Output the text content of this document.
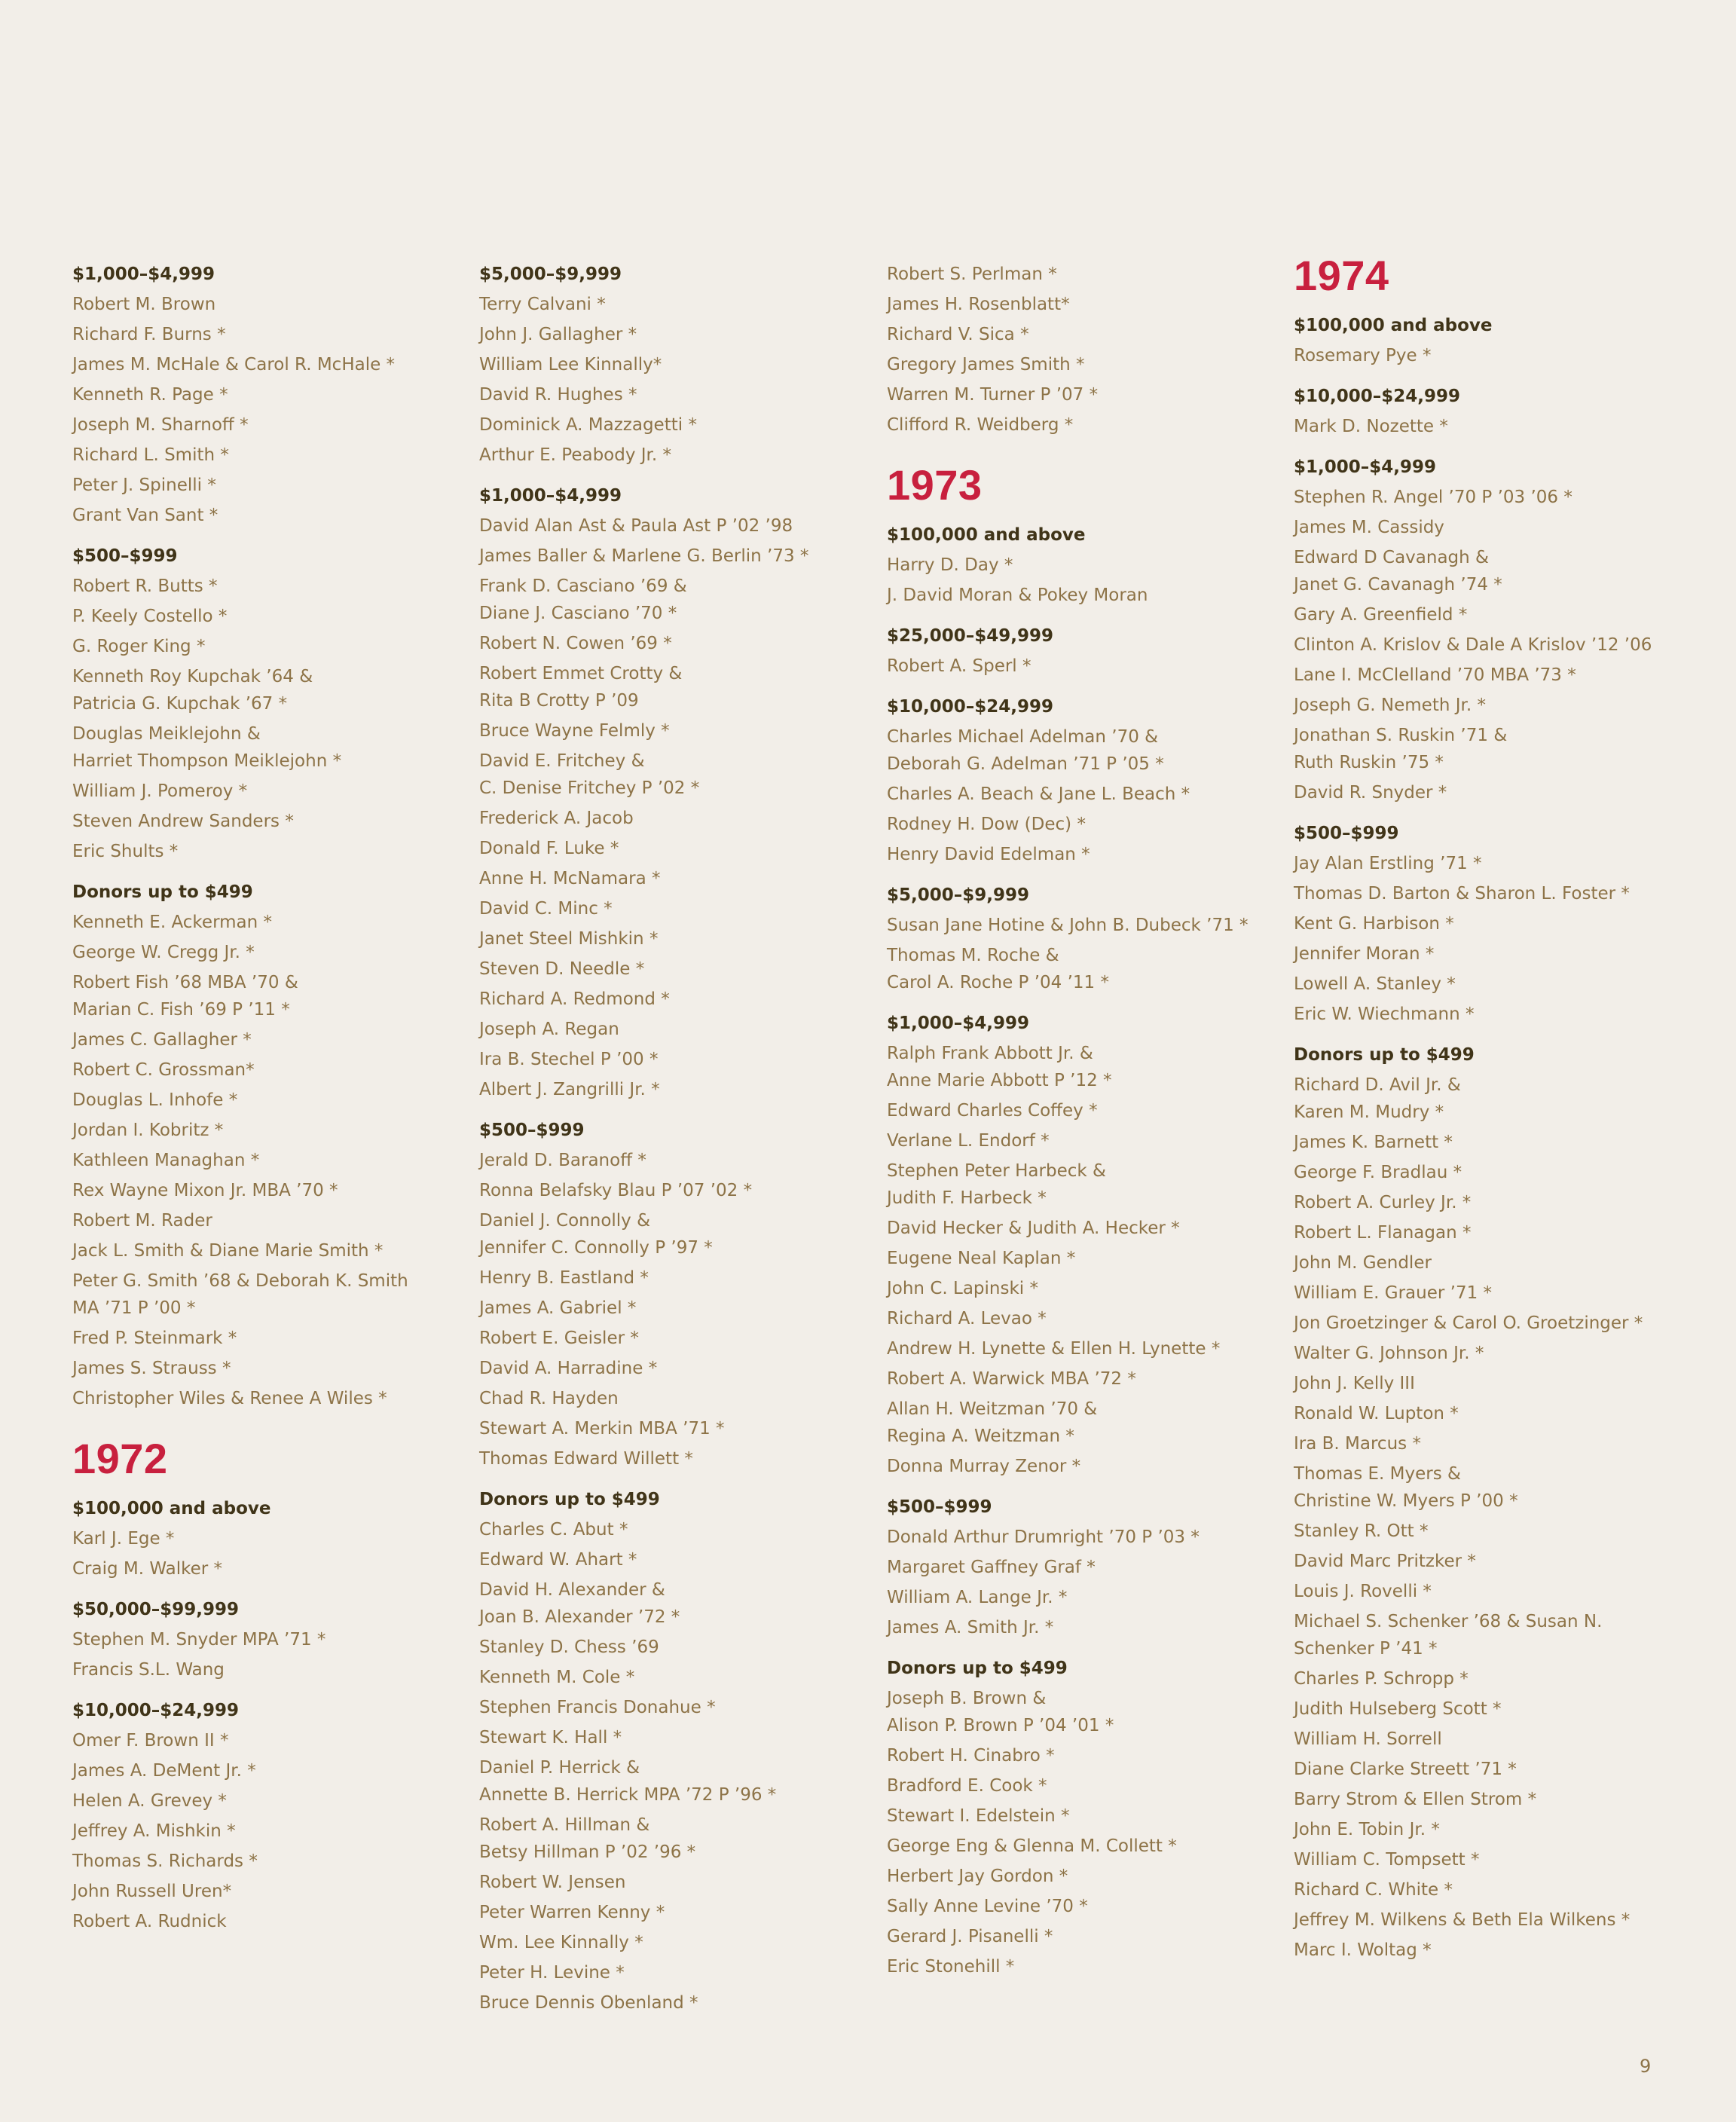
$1,000–$4,999
Robert M. Brown
Richard F. Burns *
James M. McHale & Carol R. McHale *
Kenneth R. Page *
Joseph M. Sharnoff *
Richard L. Smith *
Peter J. Spinelli *
Grant Van Sant *
$500–$999
Robert R. Butts *
P. Keely Costello *
G. Roger King *
Kenneth Roy Kupchak ’64 &
Patricia G. Kupchak ’67 *
Douglas Meiklejohn &
Harriet Thompson Meiklejohn *
William J. Pomeroy *
Steven Andrew Sanders *
Eric Shults *
Donors up to $499
Kenneth E. Ackerman *
George W. Cregg Jr. *
Robert Fish ’68 MBA ’70 &
Marian C. Fish ’69 P ’11 *
James C. Gallagher *
Robert C. Grossman*
Douglas L. Inhofe *
Jordan I. Kobritz *
Kathleen Managhan *
Rex Wayne Mixon Jr. MBA ’70 *
Robert M. Rader
Jack L. Smith & Diane Marie Smith *
Peter G. Smith ’68 & Deborah K. Smith
MA ’71 P ’00 *
Fred P. Steinmark *
James S. Strauss *
Christopher Wiles & Renee A Wiles *
1972
$100,000 and above
Karl J. Ege *
Craig M. Walker *
$50,000–$99,999
Stephen M. Snyder MPA ’71 *
Francis S.L. Wang
$10,000–$24,999
Omer F. Brown II *
James A. DeMent Jr. *
Helen A. Grevey *
Jeffrey A. Mishkin *
Thomas S. Richards *
John Russell Uren*
Robert A. Rudnick
$5,000–$9,999
Terry Calvani *
John J. Gallagher *
William Lee Kinnally*
David R. Hughes *
Dominick A. Mazzagetti *
Arthur E. Peabody Jr. *
$1,000–$4,999
David Alan Ast & Paula Ast P ’02 ’98
James Baller & Marlene G. Berlin ’73 *
Frank D. Casciano ’69 &
Diane J. Casciano ’70 *
Robert N. Cowen ’69 *
Robert Emmet Crotty &
Rita B Crotty P ’09
Bruce Wayne Felmly *
David E. Fritchey &
C. Denise Fritchey P ’02 *
Frederick A. Jacob
Donald F. Luke *
Anne H. McNamara *
David C. Minc *
Janet Steel Mishkin *
Steven D. Needle *
Richard A. Redmond *
Joseph A. Regan
Ira B. Stechel P ’00 *
Albert J. Zangrilli Jr. *
$500–$999
Jerald D. Baranoff *
Ronna Belafsky Blau P ’07 ’02 *
Daniel J. Connolly &
Jennifer C. Connolly P ’97 *
Henry B. Eastland *
James A. Gabriel *
Robert E. Geisler *
David A. Harradine *
Chad R. Hayden
Stewart A. Merkin MBA ’71 *
Thomas Edward Willett *
Donors up to $499
Charles C. Abut *
Edward W. Ahart *
David H. Alexander &
Joan B. Alexander ’72 *
Stanley D. Chess ’69
Kenneth M. Cole *
Stephen Francis Donahue *
Stewart K. Hall *
Daniel P. Herrick &
Annette B. Herrick MPA ’72 P ’96 *
Robert A. Hillman &
Betsy Hillman P ’02 ’96 *
Robert W. Jensen
Peter Warren Kenny *
Wm. Lee Kinnally *
Peter H. Levine *
Bruce Dennis Obenland *
Robert S. Perlman *
James H. Rosenblatt*
Richard V. Sica *
Gregory James Smith *
Warren M. Turner P ’07 *
Clifford R. Weidberg *
1973
$100,000 and above
Harry D. Day *
J. David Moran & Pokey Moran
$25,000–$49,999
Robert A. Sperl *
$10,000–$24,999
Charles Michael Adelman ’70 &
Deborah G. Adelman ’71 P ’05 *
Charles A. Beach & Jane L. Beach *
Rodney H. Dow (Dec) *
Henry David Edelman *
$5,000–$9,999
Susan Jane Hotine & John B. Dubeck ’71 *
Thomas M. Roche &
Carol A. Roche P ’04 ’11 *
$1,000–$4,999
Ralph Frank Abbott Jr. &
Anne Marie Abbott P ’12 *
Edward Charles Coffey *
Verlane L. Endorf *
Stephen Peter Harbeck &
Judith F. Harbeck *
David Hecker & Judith A. Hecker *
Eugene Neal Kaplan *
John C. Lapinski *
Richard A. Levao *
Andrew H. Lynette & Ellen H. Lynette *
Robert A. Warwick MBA ’72 *
Allan H. Weitzman ’70 &
Regina A. Weitzman *
Donna Murray Zenor *
$500–$999
Donald Arthur Drumright ’70 P ’03 *
Margaret Gaffney Graf *
William A. Lange Jr. *
James A. Smith Jr. *
Donors up to $499
Joseph B. Brown &
Alison P. Brown P ’04 ’01 *
Robert H. Cinabro *
Bradford E. Cook *
Stewart I. Edelstein *
George Eng & Glenna M. Collett *
Herbert Jay Gordon *
Sally Anne Levine ’70 *
Gerard J. Pisanelli *
Eric Stonehill *
1974
$100,000 and above
Rosemary Pye *
$10,000–$24,999
Mark D. Nozette *
$1,000–$4,999
Stephen R. Angel ’70 P ’03 ’06 *
James M. Cassidy
Edward D Cavanagh &
Janet G. Cavanagh ’74 *
Gary A. Greenfield *
Clinton A. Krislov & Dale A Krislov ’12 ’06
Lane I. McClelland ’70 MBA ’73 *
Joseph G. Nemeth Jr. *
Jonathan S. Ruskin ’71 &
Ruth Ruskin ’75 *
David R. Snyder *
$500–$999
Jay Alan Erstling ’71 *
Thomas D. Barton & Sharon L. Foster *
Kent G. Harbison *
Jennifer Moran *
Lowell A. Stanley *
Eric W. Wiechmann *
Donors up to $499
Richard D. Avil Jr. &
Karen M. Mudry *
James K. Barnett *
George F. Bradlau *
Robert A. Curley Jr. *
Robert L. Flanagan *
John M. Gendler
William E. Grauer ’71 *
Jon Groetzinger & Carol O. Groetzinger *
Walter G. Johnson Jr. *
John J. Kelly III
Ronald W. Lupton *
Ira B. Marcus *
Thomas E. Myers &
Christine W. Myers P ’00 *
Stanley R. Ott *
David Marc Pritzker *
Louis J. Rovelli *
Michael S. Schenker ’68 & Susan N.
Schenker P ’41 *
Charles P. Schropp *
Judith Hulseberg Scott *
William H. Sorrell
Diane Clarke Streett ’71 *
Barry Strom & Ellen Strom *
John E. Tobin Jr. *
William C. Tompsett *
Richard C. White *
Jeffrey M. Wilkens & Beth Ela Wilkens *
Marc I. Woltag *
9
